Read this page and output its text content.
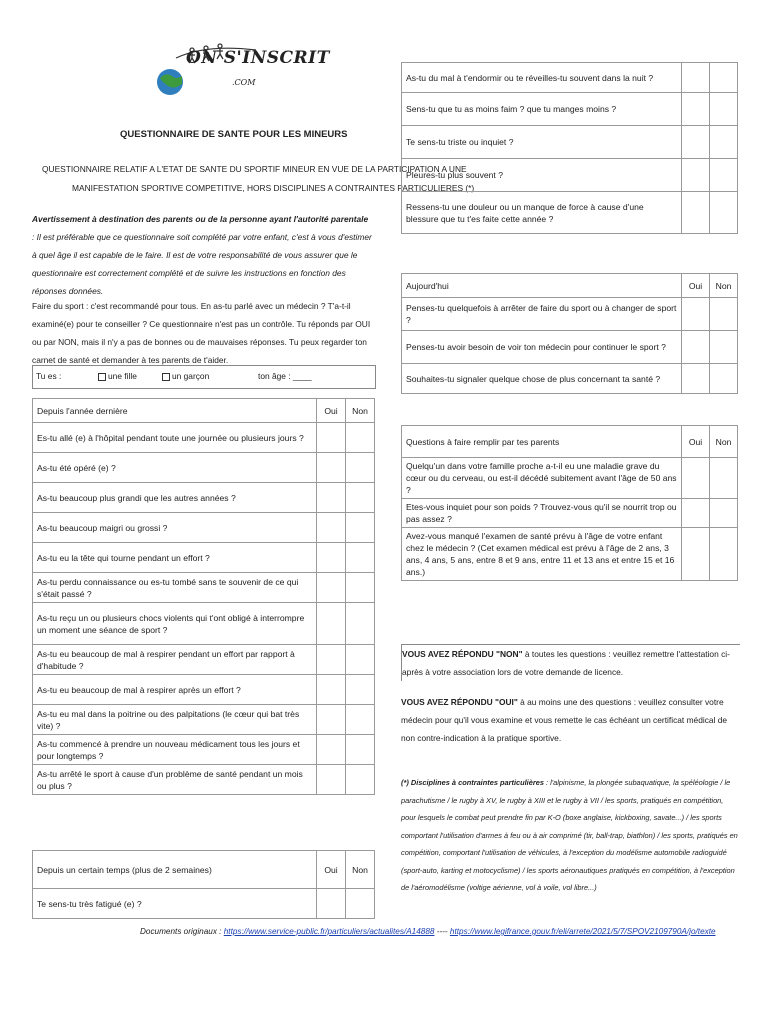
ON S'INSCRIT
.COM
QUESTIONNAIRE DE SANTE POUR LES MINEURS
QUESTIONNAIRE RELATIF A L'ETAT DE SANTE DU SPORTIF MINEUR EN VUE DE LA PARTICIPATION A UNE
MANIFESTATION SPORTIVE COMPETITIVE, HORS DISCIPLINES A CONTRAINTES PARTICULIERES (*)
Avertissement à destination des parents ou de la personne ayant l'autorité parentale : Il est préférable que ce questionnaire soit complété par votre enfant, c'est à vous d'estimer à quel âge il est capable de le faire. Il est de votre responsabilité de vous assurer que le questionnaire est correctement complété et de suivre les instructions en fonction des réponses données.
Faire du sport : c'est recommandé pour tous. En as-tu parlé avec un médecin ? T'a-t-il examiné(e) pour te conseiller ? Ce questionnaire n'est pas un contrôle. Tu réponds par OUI ou par NON, mais il n'y a pas de bonnes ou de mauvaises réponses. Tu peux regarder ton carnet de santé et demander à tes parents de t'aider.
Tu es :	une fille	un garçon	ton âge : ____
Depuis l'année dernière	Oui	Non
Es-tu allé (e) à l'hôpital pendant toute une journée ou plusieurs jours ?		
As-tu été opéré (e) ?		
As-tu beaucoup plus grandi que les autres années ?		
As-tu beaucoup maigri ou grossi ?		
As-tu eu la tête qui tourne pendant un effort ?		
As-tu perdu connaissance ou es-tu tombé sans te souvenir de ce qui s'était passé ?		
As-tu reçu un ou plusieurs chocs violents qui t'ont obligé à interrompre un moment une séance de sport ?		
As-tu eu beaucoup de mal à respirer pendant un effort par rapport à d'habitude ?		
As-tu eu beaucoup de mal à respirer après un effort ?		
As-tu eu mal dans la poitrine ou des palpitations (le cœur qui bat très vite) ?		
As-tu commencé à prendre un nouveau médicament tous les jours et pour longtemps ?		
As-tu arrêté le sport à cause d'un problème de santé pendant un mois ou plus ?		
Depuis un certain temps (plus de 2 semaines)	Oui	Non
Te sens-tu très fatigué (e) ?		
As-tu du mal à t'endormir ou te réveilles-tu souvent dans la nuit ?		
Sens-tu que tu as moins faim ? que tu manges moins ?		
Te sens-tu triste ou inquiet ?		
Pleures-tu plus souvent ?		
Ressens-tu une douleur ou un manque de force à cause d'une blessure que tu t'es faite cette année ?		
Aujourd'hui	Oui	Non
Penses-tu quelquefois à arrêter de faire du sport ou à changer de sport ?		
Penses-tu avoir besoin de voir ton médecin pour continuer le sport ?		
Souhaites-tu signaler quelque chose de plus concernant ta santé ?		
Questions à faire remplir par tes parents	Oui	Non
Quelqu'un dans votre famille proche a-t-il eu une maladie grave du cœur ou du cerveau, ou est-il décédé subitement avant l'âge de 50 ans ?		
Etes-vous inquiet pour son poids ? Trouvez-vous qu'il se nourrit trop ou pas assez ?		
Avez-vous manqué l'examen de santé prévu à l'âge de votre enfant chez le médecin ? (Cet examen médical est prévu à l'âge de 2 ans, 3 ans, 4 ans, 5 ans, entre 8 et 9 ans, entre 11 et 13 ans et entre 15 et 16 ans.)		
VOUS AVEZ RÉPONDU "NON" à toutes les questions : veuillez remettre l'attestation ci-après à votre association lors de votre demande de licence.
VOUS AVEZ RÉPONDU "OUI" à au moins une des questions : veuillez consulter votre médecin pour qu'il vous examine et vous remette le cas échéant un certificat médical de non contre-indication à la pratique sportive.
(*) Disciplines à contraintes particulières : l'alpinisme, la plongée subaquatique, la spéléologie / le parachutisme / le rugby à XV, le rugby à XIII et le rugby à VII / les sports, pratiqués en compétition, pour lesquels le combat peut prendre fin par K-O (boxe anglaise, kickboxing, savate...) / les sports comportant l'utilisation d'armes à feu ou à air comprimé (tir, ball-trap, biathlon) / les sports, pratiqués en compétition, comportant l'utilisation de véhicules, à l'exception du modélisme automobile radioguidé (sport-auto, karting et motocyclisme) / les sports aéronautiques pratiqués en compétition, à l'exception de l'aéromodélisme (voltige aérienne, vol à voile, vol libre...)
Documents originaux : https://www.service-public.fr/particuliers/actualites/A14888 ---- https://www.legifrance.gouv.fr/eli/arrete/2021/5/7/SPOV2109790A/jo/texte
